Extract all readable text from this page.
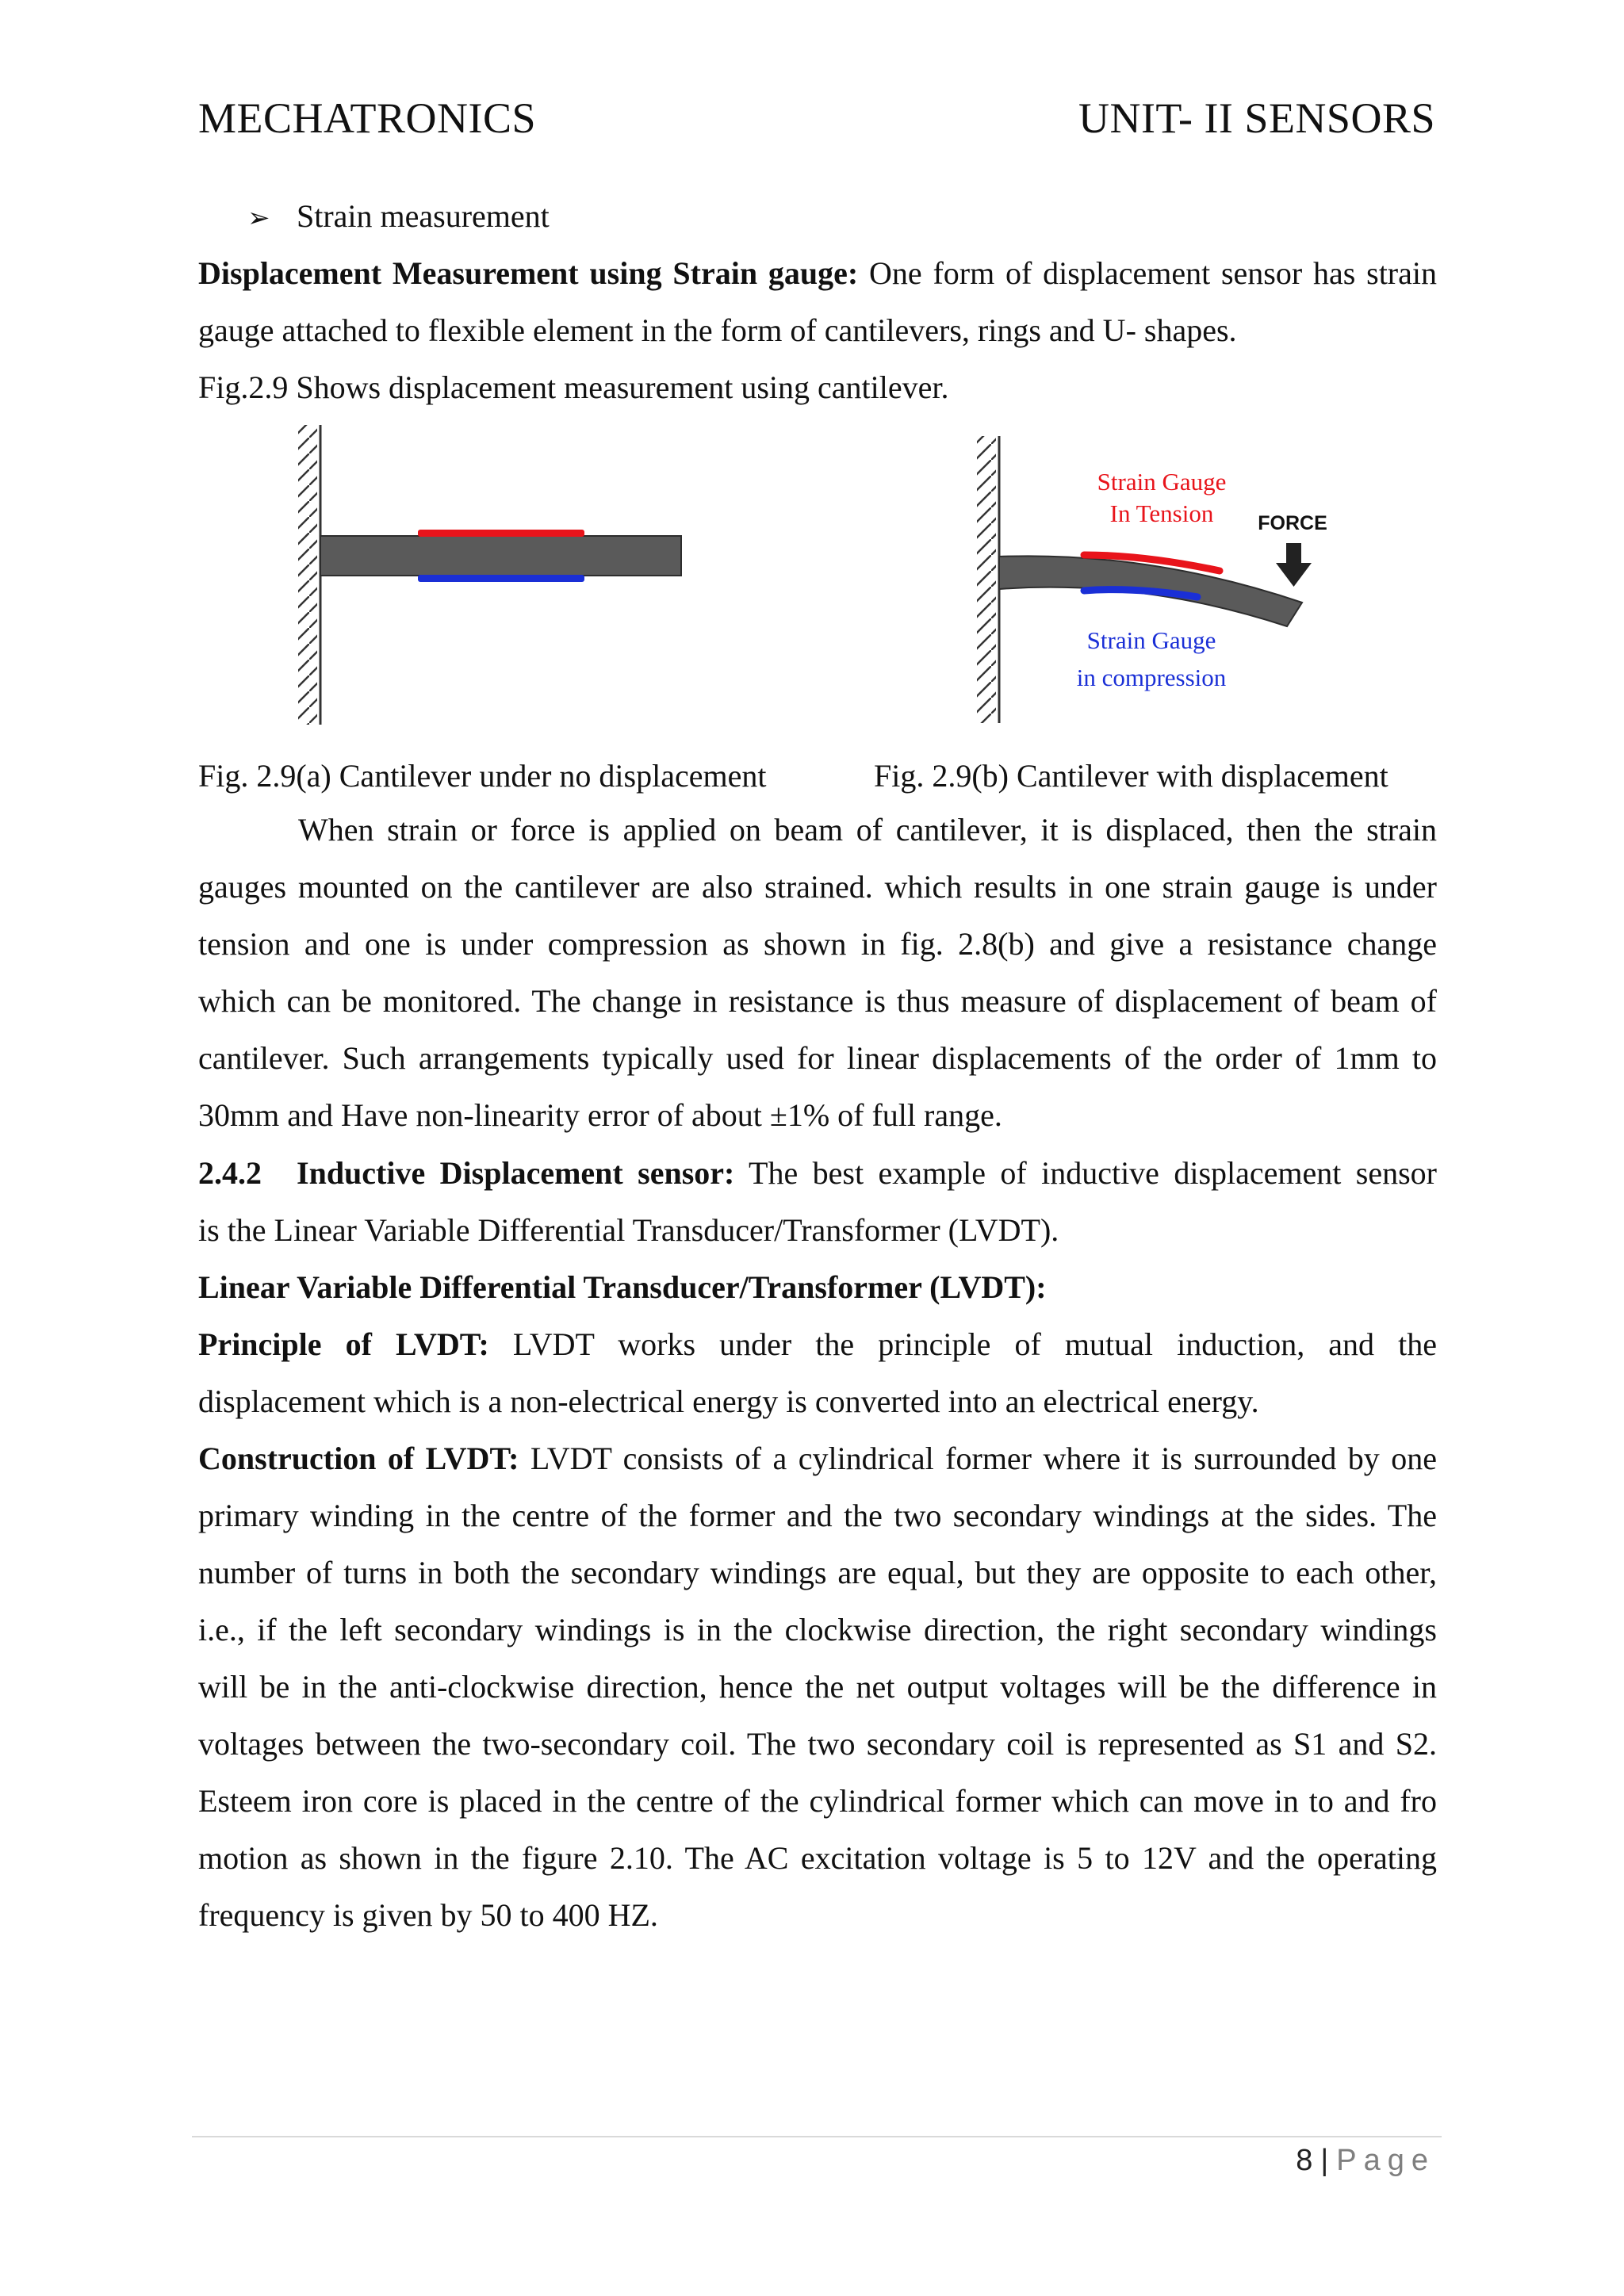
MECHATRONICS	UNIT- II SENSORS
➢ Strain measurement
Displacement Measurement using Strain gauge: One form of displacement sensor has strain
gauge attached to flexible element in the form of cantilevers, rings and U- shapes.
Fig.2.9 Shows displacement measurement using cantilever.
Strain Gauge
In Tension FORCE
Strain Gauge
in compression
Fig. 2.9(a) Cantilever under no displacement	Fig. 2.9(b) Cantilever with displacement
When strain or force is applied on beam of cantilever, it is displaced, then the strain
gauges mounted on the cantilever are also strained. which results in one strain gauge is under
tension and one is under compression as shown in fig. 2.8(b) and give a resistance change
which can be monitored. The change in resistance is thus measure of displacement of beam of
cantilever. Such arrangements typically used for linear displacements of the order of 1mm to
30mm and Have non-linearity error of about ±1% of full range.
2.4.2 Inductive Displacement sensor: The best example of inductive displacement sensor
is the Linear Variable Differential Transducer/Transformer (LVDT).
Linear Variable Differential Transducer/Transformer (LVDT):
Principle of LVDT: LVDT works under the principle of mutual induction, and the
displacement which is a non-electrical energy is converted into an electrical energy.
Construction of LVDT: LVDT consists of a cylindrical former where it is surrounded by one
primary winding in the centre of the former and the two secondary windings at the sides. The
number of turns in both the secondary windings are equal, but they are opposite to each other,
i.e., if the left secondary windings is in the clockwise direction, the right secondary windings
will be in the anti-clockwise direction, hence the net output voltages will be the difference in
voltages between the two-secondary coil. The two secondary coil is represented as S1 and S2.
Esteem iron core is placed in the centre of the cylindrical former which can move in to and fro
motion as shown in the figure 2.10. The AC excitation voltage is 5 to 12V and the operating
frequency is given by 50 to 400 HZ.
8 | Page
